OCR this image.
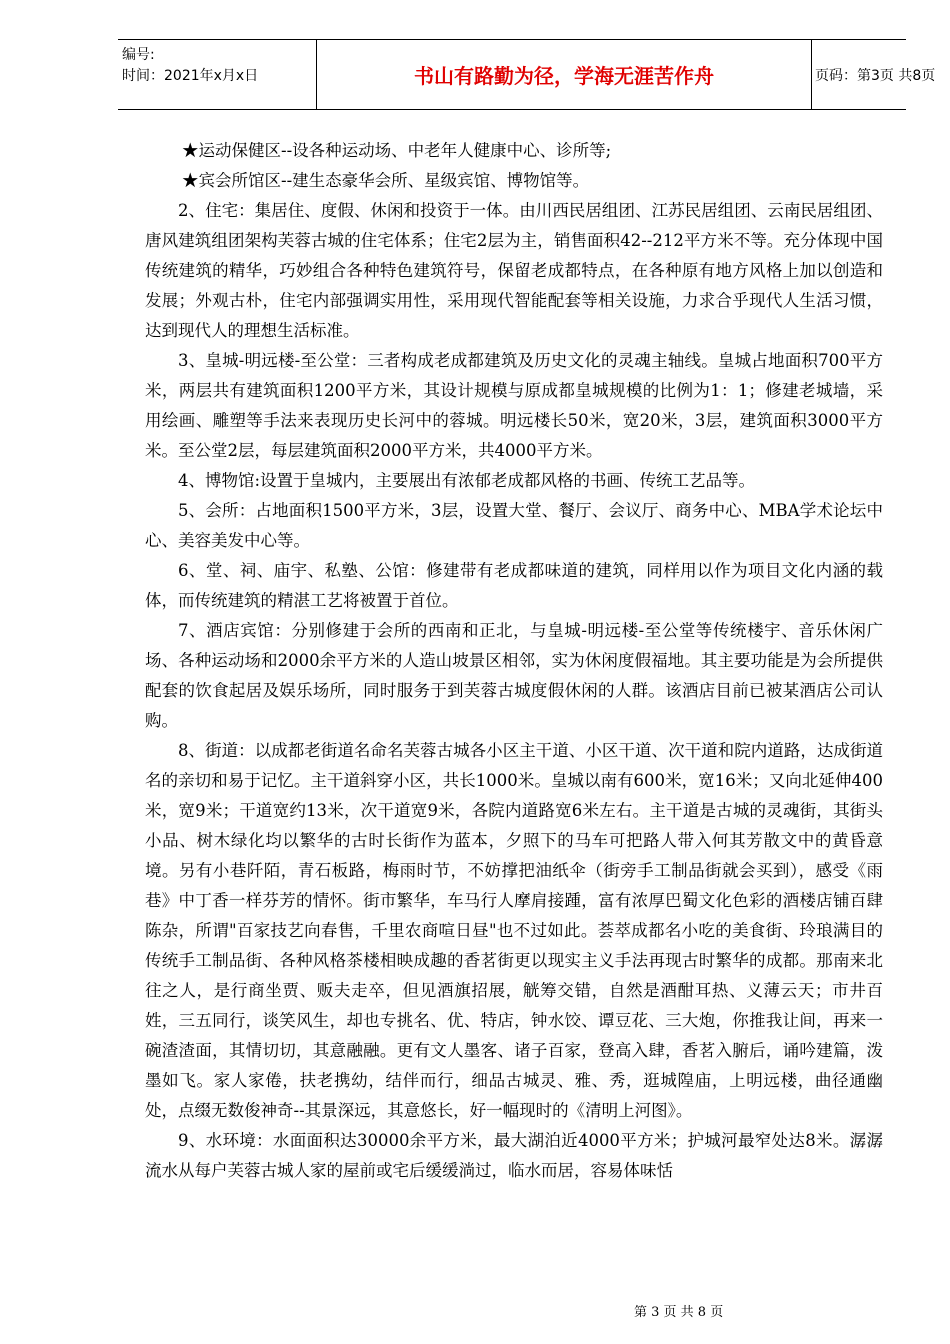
编号:
时间：2021年x月x日	书山有路勤为径，学海无涯苦作舟	页码：第3页 共8页

★运动保健区--设各种运动场、中老年人健康中心、诊所等;

★宾会所馆区--建生态豪华会所、星级宾馆、博物馆等。

2、住宅：集居住、度假、休闲和投资于一体。由川西民居组团、江苏民居组团、云南民居组团、唐风建筑组团架构芙蓉古城的住宅体系；住宅2层为主，销售面积42--212平方米不等。充分体现中国传统建筑的精华，巧妙组合各种特色建筑符号，保留老成都特点，在各种原有地方风格上加以创造和发展；外观古朴，住宅内部强调实用性，采用现代智能配套等相关设施，力求合乎现代人生活习惯，达到现代人的理想生活标准。

3、皇城-明远楼-至公堂：三者构成老成都建筑及历史文化的灵魂主轴线。皇城占地面积700平方米，两层共有建筑面积1200平方米，其设计规模与原成都皇城规模的比例为1：1；修建老城墙，采用绘画、雕塑等手法来表现历史长河中的蓉城。明远楼长50米，宽20米，3层，建筑面积3000平方米。至公堂2层，每层建筑面积2000平方米，共4000平方米。

4、博物馆:设置于皇城内，主要展出有浓郁老成都风格的书画、传统工艺品等。

5、会所：占地面积1500平方米，3层，设置大堂、餐厅、会议厅、商务中心、MBA学术论坛中心、美容美发中心等。

6、堂、祠、庙宇、私塾、公馆：修建带有老成都味道的建筑，同样用以作为项目文化内涵的载体，而传统建筑的精湛工艺将被置于首位。

7、酒店宾馆：分别修建于会所的西南和正北，与皇城-明远楼-至公堂等传统楼宇、音乐休闲广场、各种运动场和2000余平方米的人造山坡景区相邻，实为休闲度假福地。其主要功能是为会所提供配套的饮食起居及娱乐场所，同时服务于到芙蓉古城度假休闲的人群。该酒店目前已被某酒店公司认购。

8、街道：以成都老街道名命名芙蓉古城各小区主干道、小区干道、次干道和院内道路，达成街道名的亲切和易于记忆。主干道斜穿小区，共长1000米。皇城以南有600米，宽16米；又向北延伸400米，宽9米；干道宽约13米，次干道宽9米，各院内道路宽6米左右。主干道是古城的灵魂街，其街头小品、树木绿化均以繁华的古时长街作为蓝本，夕照下的马车可把路人带入何其芳散文中的黄昏意境。另有小巷阡陌，青石板路，梅雨时节，不妨撑把油纸伞（街旁手工制品街就会买到），感受《雨巷》中丁香一样芬芳的情怀。街市繁华，车马行人摩肩接踵，富有浓厚巴蜀文化色彩的酒楼店铺百肆陈杂，所谓"百家技艺向春售，千里农商喧日昼"也不过如此。荟萃成都名小吃的美食街、玲琅满目的传统手工制品街、各种风格茶楼相映成趣的香茗街更以现实主义手法再现古时繁华的成都。那南来北往之人，是行商坐贾、贩夫走卒，但见酒旗招展，觥筹交错，自然是酒酣耳热、义薄云天；市井百姓，三五同行，谈笑风生，却也专挑名、优、特店，钟水饺、谭豆花、三大炮，你推我让间，再来一碗渣渣面，其情切切，其意融融。更有文人墨客、诸子百家，登高入肆，香茗入腑后，诵吟建篇，泼墨如飞。家人家倦，扶老携幼，结伴而行，细品古城灵、雅、秀，逛城隍庙，上明远楼，曲径通幽处，点缀无数俊神奇--其景深远，其意悠长，好一幅现时的《清明上河图》。

9、水环境：水面面积达30000余平方米，最大湖泊近4000平方米；护城河最窄处达8米。潺潺流水从每户芙蓉古城人家的屋前或宅后缓缓淌过，临水而居，容易体味恬

第 3 页 共 8 页
